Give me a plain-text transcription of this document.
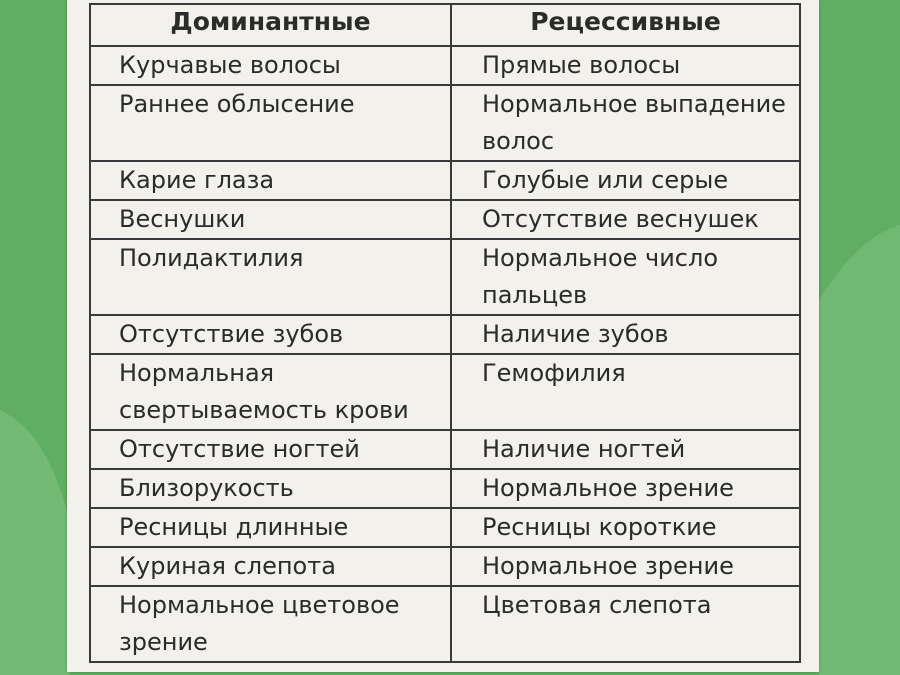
Доминантные	Рецессивные
Курчавые волосы	Прямые волосы
Раннее облысение	Нормальное выпадение волос
Карие глаза	Голубые или серые
Веснушки	Отсутствие веснушек
Полидактилия	Нормальное число пальцев
Отсутствие зубов	Наличие зубов
Нормальная свертываемость крови	Гемофилия
Отсутствие ногтей	Наличие ногтей
Близорукость	Нормальное зрение
Ресницы длинные	Ресницы короткие
Куриная слепота	Нормальное зрение
Нормальное цветовое зрение	Цветовая слепота
